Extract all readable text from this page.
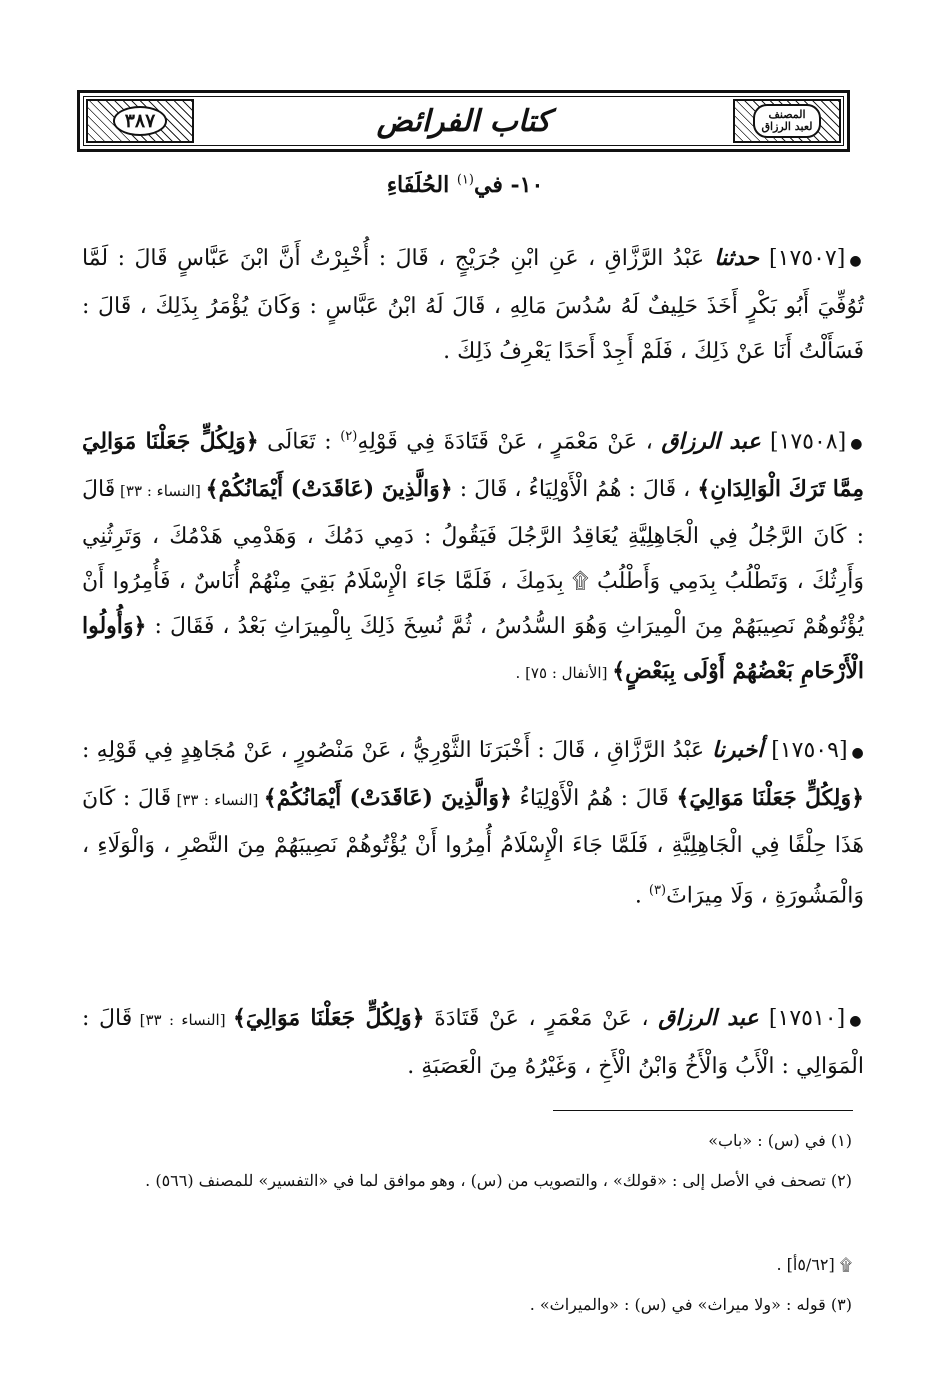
٣٨٧	كتاب الفرائض	المصنف
لعبد الرزاق
١٠- في$^{(١)}$ الحُلَفَاءِ
●[١٧٥٠٧] حدثنا عَبْدُ الرَّزَّاقِ ، عَنِ ابْنِ جُرَيْجٍ ، قَالَ : أُخْبِرْتُ أَنَّ ابْنَ عَبَّاسٍ قَالَ : لَمَّا تُوُفِّيَ أَبُو بَكْرٍ أَخَذَ حَلِيفٌ لَهُ سُدُسَ مَالِهِ ، قَالَ لَهُ ابْنُ عَبَّاسٍ : وَكَانَ يُؤْمَرُ بِذَلِكَ ، قَالَ : فَسَأَلْتُ أَنَا عَنْ ذَلِكَ ، فَلَمْ أَجِدْ أَحَدًا يَعْرِفُ ذَلِكَ .
●[١٧٥٠٨] عبد الرزاق ، عَنْ مَعْمَرٍ ، عَنْ قَتَادَةَ فِي قَوْلِهِ$^{(٢)}$ : تَعَالَى ﴿وَلِكُلٍّ جَعَلْنَا مَوَالِيَ مِمَّا تَرَكَ الْوَالِدَانِ﴾ ، قَالَ : هُمُ الْأَوْلِيَاءُ ، قَالَ : ﴿وَالَّذِينَ (عَاقَدَتْ) أَيْمَانُكُمْ﴾ [النساء : ٣٣] قَالَ : كَانَ الرَّجُلُ فِي الْجَاهِلِيَّةِ يُعَاقِدُ الرَّجُلَ فَيَقُولُ : دَمِي دَمُكَ ، وَهَدْمِي هَدْمُكَ ، وَتَرِثُنِي وَأَرِثُكَ ، وَتَطْلُبُ بِدَمِي وَأَطْلُبُ ۩ بِدَمِكَ ، فَلَمَّا جَاءَ الْإِسْلَامُ بَقِيَ مِنْهُمْ أُنَاسٌ ، فَأُمِرُوا أَنْ يُؤْتُوهُمْ نَصِيبَهُمْ مِنَ الْمِيرَاثِ وَهُوَ السُّدُسُ ، ثُمَّ نُسِخَ ذَلِكَ بِالْمِيرَاثِ بَعْدُ ، فَقَالَ : ﴿وَأُولُوا الْأَرْحَامِ بَعْضُهُمْ أَوْلَى بِبَعْضٍ﴾ [الأنفال : ٧٥] .
●[١٧٥٠٩] أخبرنا عَبْدُ الرَّزَّاقِ ، قَالَ : أَخْبَرَنَا الثَّوْرِيُّ ، عَنْ مَنْصُورٍ ، عَنْ مُجَاهِدٍ فِي قَوْلِهِ : ﴿وَلِكُلٍّ جَعَلْنَا مَوَالِيَ﴾ قَالَ : هُمُ الْأَوْلِيَاءُ ﴿وَالَّذِينَ (عَاقَدَتْ) أَيْمَانُكُمْ﴾ [النساء : ٣٣] قَالَ : كَانَ هَذَا حِلْفًا فِي الْجَاهِلِيَّةِ ، فَلَمَّا جَاءَ الْإِسْلَامُ أُمِرُوا أَنْ يُؤْتُوهُمْ نَصِيبَهُمْ مِنَ النَّصْرِ ، وَالْوَلَاءِ ، وَالْمَشُورَةِ ، وَلَا مِيرَاثَ$^{(٣)}$ .
●[١٧٥١٠] عبد الرزاق ، عَنْ مَعْمَرٍ ، عَنْ قَتَادَةَ ﴿وَلِكُلٍّ جَعَلْنَا مَوَالِيَ﴾ [النساء : ٣٣] قَالَ : الْمَوَالِي : الْأَبُ وَالْأَخُ وَابْنُ الْأَخِ ، وَغَيْرُهُ مِنَ الْعَصَبَةِ .
(١) في (س) : «باب»
(٢) تصحف في الأصل إلى : «قولك» ، والتصويب من (س) ، وهو موافق لما في «التفسير» للمصنف (٥٦٦) .
۩ [٥/٦٢أ] .
(٣) قوله : «ولا ميراث» في (س) : «والميراث» .
